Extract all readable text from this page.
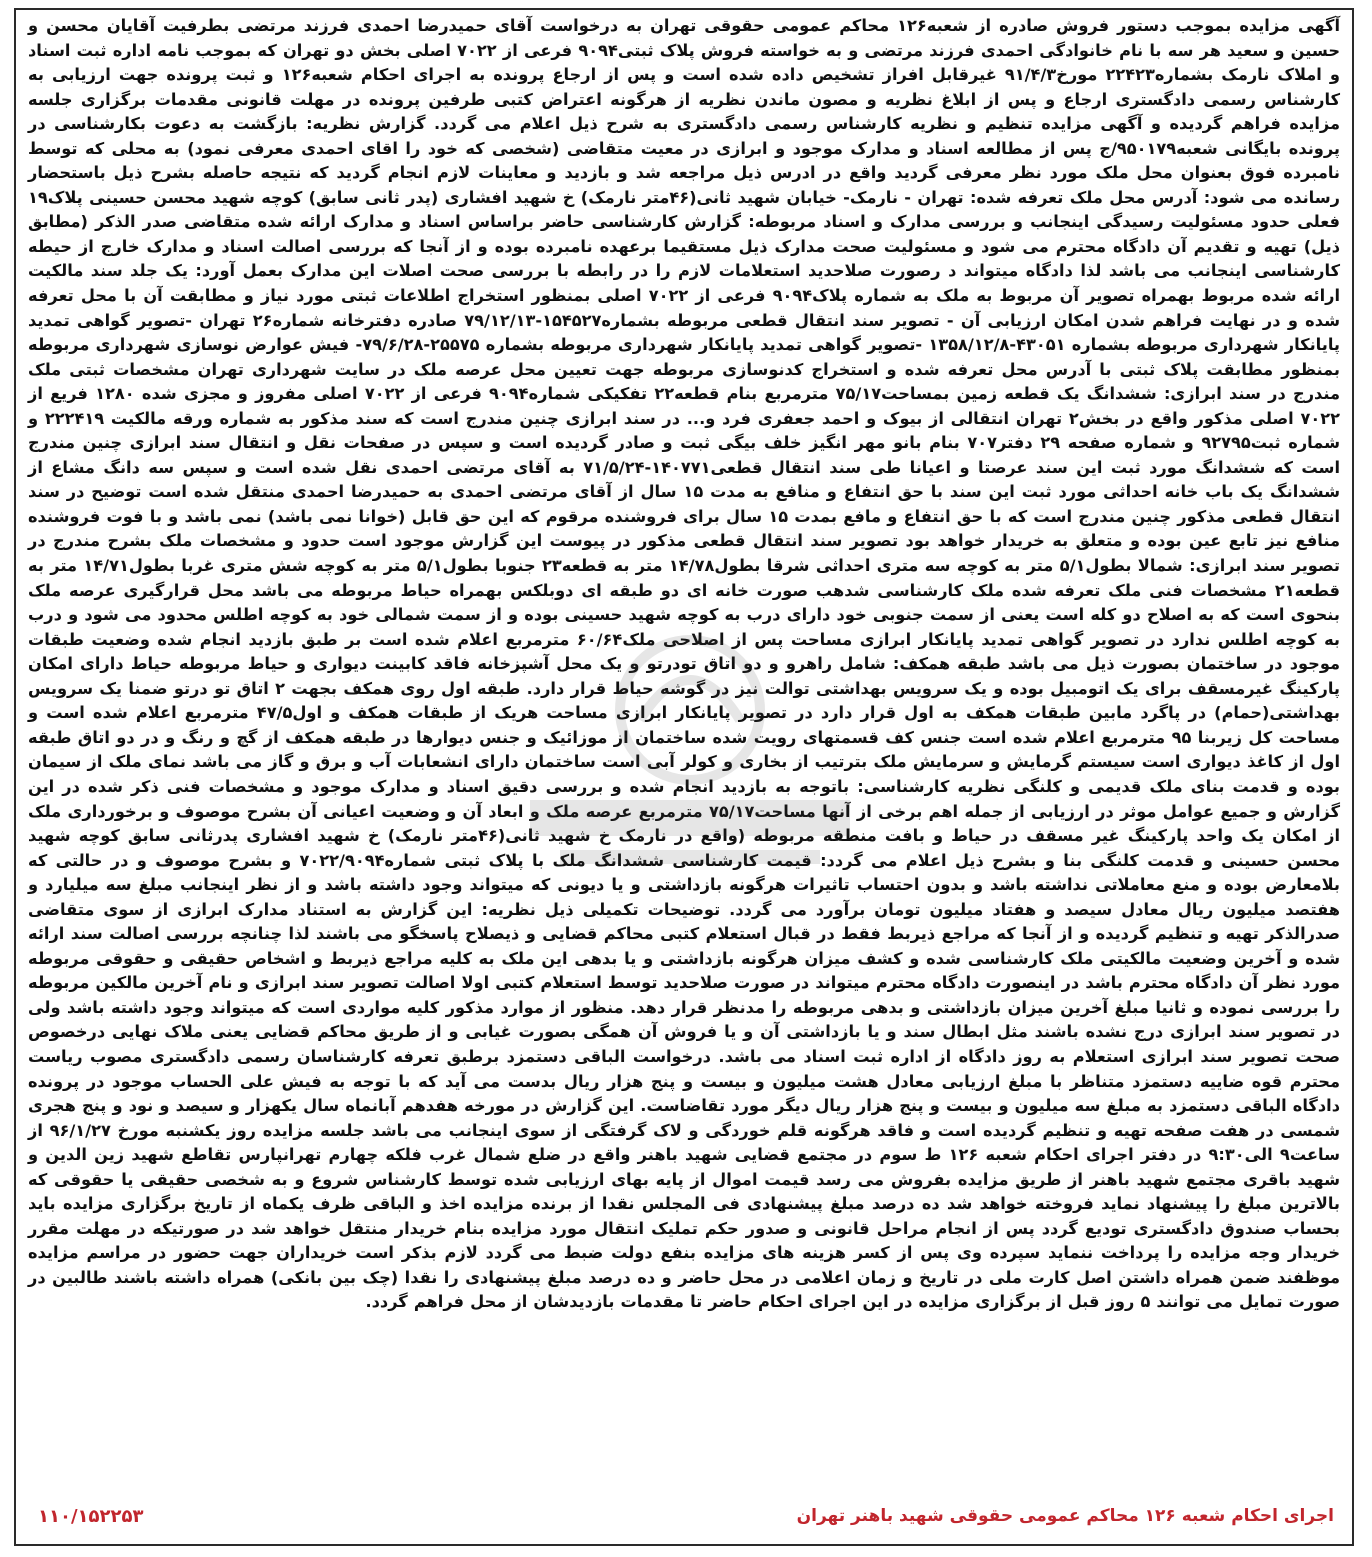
آگهی مزایده بموجب دستور فروش صادره از شعبه۱۲۶ محاکم عمومی حقوقی تهران به درخواست آقای حمیدرضا احمدی فرزند مرتضی بطرفیت آقایان محسن و حسین و سعید هر سه با نام خانوادگی احمدی فرزند مرتضی و به خواسته فروش پلاک ثبتی۹۰۹۴ فرعی از ۷۰۲۲ اصلی بخش دو تهران که بموجب نامه اداره ثبت اسناد و املاک نارمک بشماره۲۲۴۲۳ مورخ۹۱/۴/۳ غیرقابل افراز تشخیص داده شده است و پس از ارجاع پرونده به اجرای احکام شعبه۱۲۶ و ثبت پرونده جهت ارزیابی به کارشناس رسمی دادگستری ارجاع و پس از ابلاغ نظریه و مصون ماندن نظریه از هرگونه اعتراض کتبی طرفین پرونده در مهلت قانونی مقدمات برگزاری جلسه مزایده فراهم گردیده و آگهی مزایده تنظیم و نظریه کارشناس رسمی دادگستری به شرح ذیل اعلام می گردد. گزارش نظریه: بازگشت به دعوت بکارشناسی در پرونده بایگانی شعبه۹۵۰۱۷۹/ج پس از مطالعه اسناد و مدارک موجود و ابرازی در معیت متقاضی (شخصی که خود را اقای احمدی معرفی نمود) به محلی که توسط نامبرده فوق بعنوان محل ملک مورد نظر معرفی گردید واقع در ادرس ذیل مراجعه شد و بازدید و معاینات لازم انجام گردید که نتیجه حاصله بشرح ذیل باستحضار رسانده می شود: آدرس محل ملک تعرفه شده: تهران - نارمک- خیابان شهید ثانی(۴۶متر نارمک) خ شهید افشاری (پدر ثانی سابق) کوچه شهید محسن حسینی پلاک۱۹ فعلی حدود مسئولیت رسیدگی اینجانب و بررسی مدارک و اسناد مربوطه: گزارش کارشناسی حاضر براساس اسناد و مدارک ارائه شده متقاضی صدر الذکر (مطابق ذیل) تهیه و تقدیم آن دادگاه محترم می شود و مسئولیت صحت مدارک ذیل مستقیما برعهده نامبرده بوده و از آنجا که بررسی اصالت اسناد و مدارک خارج از حیطه کارشناسی اینجانب می باشد لذا دادگاه میتواند د رصورت صلاحدید استعلامات لازم را در رابطه با بررسی صحت اصلات این مدارک بعمل آورد: یک جلد سند مالکیت ارائه شده مربوط بهمراه تصویر آن مربوط به ملک به شماره پلاک۹۰۹۴ فرعی از ۷۰۲۲ اصلی بمنظور استخراج اطلاعات ثبتی مورد نیاز و مطابقت آن با محل تعرفه شده و در نهایت فراهم شدن امکان ارزیابی آن - تصویر سند انتقال قطعی مربوطه بشماره۱۵۴۵۲۷-۷۹/۱۲/۱۳ صادره دفترخانه شماره۲۶ تهران -تصویر گواهی تمدید پایانکار شهرداری مربوطه بشماره ۴۳۰۵۱-۱۳۵۸/۱۲/۸ -تصویر گواهی تمدید پایانکار شهرداری مربوطه بشماره ۲۵۵۷۵-۷۹/۶/۲۸- فیش عوارض نوسازی شهرداری مربوطه بمنظور مطابقت پلاک ثبتی با آدرس محل تعرفه شده و استخراج کدنوسازی مربوطه جهت تعیین محل عرصه ملک در سایت شهرداری تهران مشخصات ثبتی ملک مندرج در سند ابرازی: ششدانگ یک قطعه زمین بمساحت۷۵/۱۷ مترمربع بنام قطعه۲۲ تفکیکی شماره۹۰۹۴ فرعی از ۷۰۲۲ اصلی مفروز و مجزی شده ۱۲۸۰ فریع از ۷۰۲۲ اصلی مذکور واقع در بخش۲ تهران انتقالی از بیوک و احمد جعفری فرد و... در سند ابرازی چنین مندرج است که سند مذکور به شماره ورقه مالکیت ۲۲۲۴۱۹ و شماره ثبت۹۲۷۹۵ و شماره صفحه ۲۹ دفتر۷۰۷ بنام بانو مهر انگیز خلف بیگی ثبت و صادر گردیده است و سپس در صفحات نقل و انتقال سند ابرازی چنین مندرج است که ششدانگ مورد ثبت این سند عرصتا و اعیانا طی سند انتقال قطعی۱۴۰۷۷۱-۷۱/۵/۲۴ به آقای مرتضی احمدی نقل شده است و سپس سه دانگ مشاع از ششدانگ یک باب خانه احداثی مورد ثبت این سند با حق انتفاع و منافع به مدت ۱۵ سال از آقای مرتضی احمدی به حمیدرضا احمدی منتقل شده است توضیح در سند انتقال قطعی مذکور چنین مندرج است که با حق انتفاع و مافع بمدت ۱۵ سال برای فروشنده مرقوم که این حق قابل (خوانا نمی باشد) نمی باشد و با فوت فروشنده منافع نیز تابع عین بوده و متعلق به خریدار خواهد بود تصویر سند انتقال قطعی مذکور در پیوست این گزارش موجود است حدود و مشخصات ملک بشرح مندرج در تصویر سند ابرازی: شمالا بطول۵/۱ متر به کوچه سه متری احداثی شرقا بطول۱۴/۷۸ متر به قطعه۲۳ جنوبا بطول۵/۱ متر به کوچه شش متری غربا بطول۱۴/۷۱ متر به قطعه۲۱ مشخصات فنی ملک تعرفه شده ملک کارشناسی شدهب صورت خانه ای دو طبقه ای دوبلکس بهمراه حیاط مربوطه می باشد محل قرارگیری عرصه ملک بنحوی است که به اصلاح دو کله است یعنی از سمت جنوبی خود دارای درب به کوچه شهید حسینی بوده و از سمت شمالی خود به کوچه اطلس محدود می شود و درب به کوچه اطلس ندارد در تصویر گواهی تمدید پایانکار ابرازی مساحت پس از اصلاحی ملک۶۰/۶۴ مترمربع اعلام شده است بر طبق بازدید انجام شده وضعیت طبقات موجود در ساختمان بصورت ذیل می باشد طبقه همکف: شامل راهرو و دو اتاق تودرتو و یک محل آشپزخانه فاقد کابینت دیواری و حیاط مربوطه حیاط دارای امکان پارکینگ غیرمسقف برای یک اتومبیل بوده و یک سرویس بهداشتی توالت نیز در گوشه حیاط قرار دارد. طبقه اول روی همکف بجهت ۲ اتاق تو درتو ضمنا یک سرویس بهداشتی(حمام) در پاگرد مابین طبقات همکف به اول قرار دارد در تصویر پایانکار ابرازی مساحت هریک از طبقات همکف و اول۴۷/۵ مترمربع اعلام شده است و مساحت کل زیربنا ۹۵ مترمربع اعلام شده است جنس کف قسمتهای رویت شده ساختمان از موزائیک و جنس دیوارها در طبقه همکف از گچ و رنگ و در دو اتاق طبقه اول از کاغذ دیواری است سیستم گرمایش و سرمایش ملک بترتیب از بخاری و کولر آبی است ساختمان دارای انشعابات آب و برق و گاز می باشد نمای ملک از سیمان بوده و قدمت بنای ملک قدیمی و کلنگی نظریه کارشناسی: باتوجه به بازدید انجام شده و بررسی دقیق اسناد و مدارک موجود و مشخصات فنی ذکر شده در این گزارش و جمیع عوامل موثر در ارزیابی از جمله اهم برخی از آنها مساحت۷۵/۱۷ مترمربع عرصه ملک و ابعاد آن و وضعیت اعیانی آن بشرح موصوف و برخورداری ملک از امکان یک واحد پارکینگ غیر مسقف در حیاط و بافت منطقه مربوطه (واقع در نارمک خ شهید ثانی(۴۶متر نارمک) خ شهید افشاری پدرثانی سابق کوچه شهید محسن حسینی و قدمت کلنگی بنا و بشرح ذیل اعلام می گردد: قیمت کارشناسی ششدانگ ملک با پلاک ثبتی شماره۷۰۲۲/۹۰۹۴ و بشرح موصوف و در حالتی که بلامعارض بوده و منع معاملاتی نداشته باشد و بدون احتساب تاثیرات هرگونه بازداشتی و یا دیونی که میتواند وجود داشته باشد و از نظر اینجانب مبلغ سه میلیارد و هفتصد میلیون ریال معادل سیصد و هفتاد میلیون تومان برآورد می گردد. توضیحات تکمیلی ذیل نظریه: این گزارش به استناد مدارک ابرازی از سوی متقاضی صدرالذکر تهیه و تنظیم گردیده و از آنجا که مراجع ذیربط فقط در قبال استعلام کتبی محاکم قضایی و ذیصلاح پاسخگو می باشند لذا چنانچه بررسی اصالت سند ارائه شده و آخرین وضعیت مالکیتی ملک کارشناسی شده و کشف میزان هرگونه بازداشتی و یا بدهی این ملک به کلیه مراجع ذیربط و اشخاص حقیقی و حقوقی مربوطه مورد نظر آن دادگاه محترم باشد در اینصورت دادگاه محترم میتواند در صورت صلاحدید توسط استعلام کتبی اولا اصالت تصویر سند ابرازی و نام آخرین مالکین مربوطه را بررسی نموده و ثانیا مبلغ آخرین میزان بازداشتی و بدهی مربوطه را مدنظر قرار دهد. منظور از موارد مذکور کلیه مواردی است که میتواند وجود داشته باشد ولی در تصویر سند ابرازی درج نشده باشند مثل ابطال سند و یا بازداشتی آن و یا فروش آن همگی بصورت غیابی و از طریق محاکم قضایی یعنی ملاک نهایی درخصوص صحت تصویر سند ابرازی استعلام به روز دادگاه از اداره ثبت اسناد می باشد. درخواست الباقی دستمزد برطبق تعرفه کارشناسان رسمی دادگستری مصوب ریاست محترم قوه ضاییه دستمزد متناظر با مبلغ ارزیابی معادل هشت میلیون و بیست و پنج هزار ریال بدست می آید که با توجه به فیش علی الحساب موجود در پرونده دادگاه الباقی دستمزد به مبلغ سه میلیون و بیست و پنج هزار ریال دیگر مورد تقاضاست. این گزارش در مورخه هفدهم آبانماه سال یکهزار و سیصد و نود و پنج هجری شمسی در هفت صفحه تهیه و تنظیم گردیده است و فاقد هرگونه قلم خوردگی و لاک گرفتگی از سوی اینجانب می باشد جلسه مزایده روز یکشنبه مورخ ۹۶/۱/۲۷ از ساعت۹ الی۹:۳۰ در دفتر اجرای احکام شعبه ۱۲۶ ط سوم در مجتمع قضایی شهید باهنر واقع در ضلع شمال غرب فلکه چهارم تهرانپارس تقاطع شهید زین الدین و شهید باقری مجتمع شهید باهنر از طریق مزایده بفروش می رسد قیمت اموال از پایه بهای ارزیابی شده توسط کارشناس شروع و به شخصی حقیقی یا حقوقی که بالاترین مبلغ را پیشنهاد نماید فروخته خواهد شد ده درصد مبلغ پیشنهادی فی المجلس نقدا از برنده مزایده اخذ و الباقی ظرف یکماه از تاریخ برگزاری مزایده باید بحساب صندوق دادگستری تودیع گردد پس از انجام مراحل قانونی و صدور حکم تملیک انتقال مورد مزایده بنام خریدار منتقل خواهد شد در صورتیکه در مهلت مقرر خریدار وجه مزایده را پرداخت ننماید سپرده وی پس از کسر هزینه های مزایده بنفع دولت ضبط می گردد لازم بذکر است خریداران جهت حضور در مراسم مزایده موظفند ضمن همراه داشتن اصل کارت ملی در تاریخ و زمان اعلامی در محل حاضر و ده درصد مبلغ پیشنهادی را نقدا (چک بین بانکی) همراه داشته باشند طالبین در صورت تمایل می توانند ۵ روز قبل از برگزاری مزایده در این اجرای احکام حاضر تا مقدمات بازدیدشان از محل فراهم گردد.

اجرای احکام شعبه ۱۲۶ محاکم عمومی حقوقی شهید باهنر تهران
۱۱۰/۱۵۲۲۵۳
